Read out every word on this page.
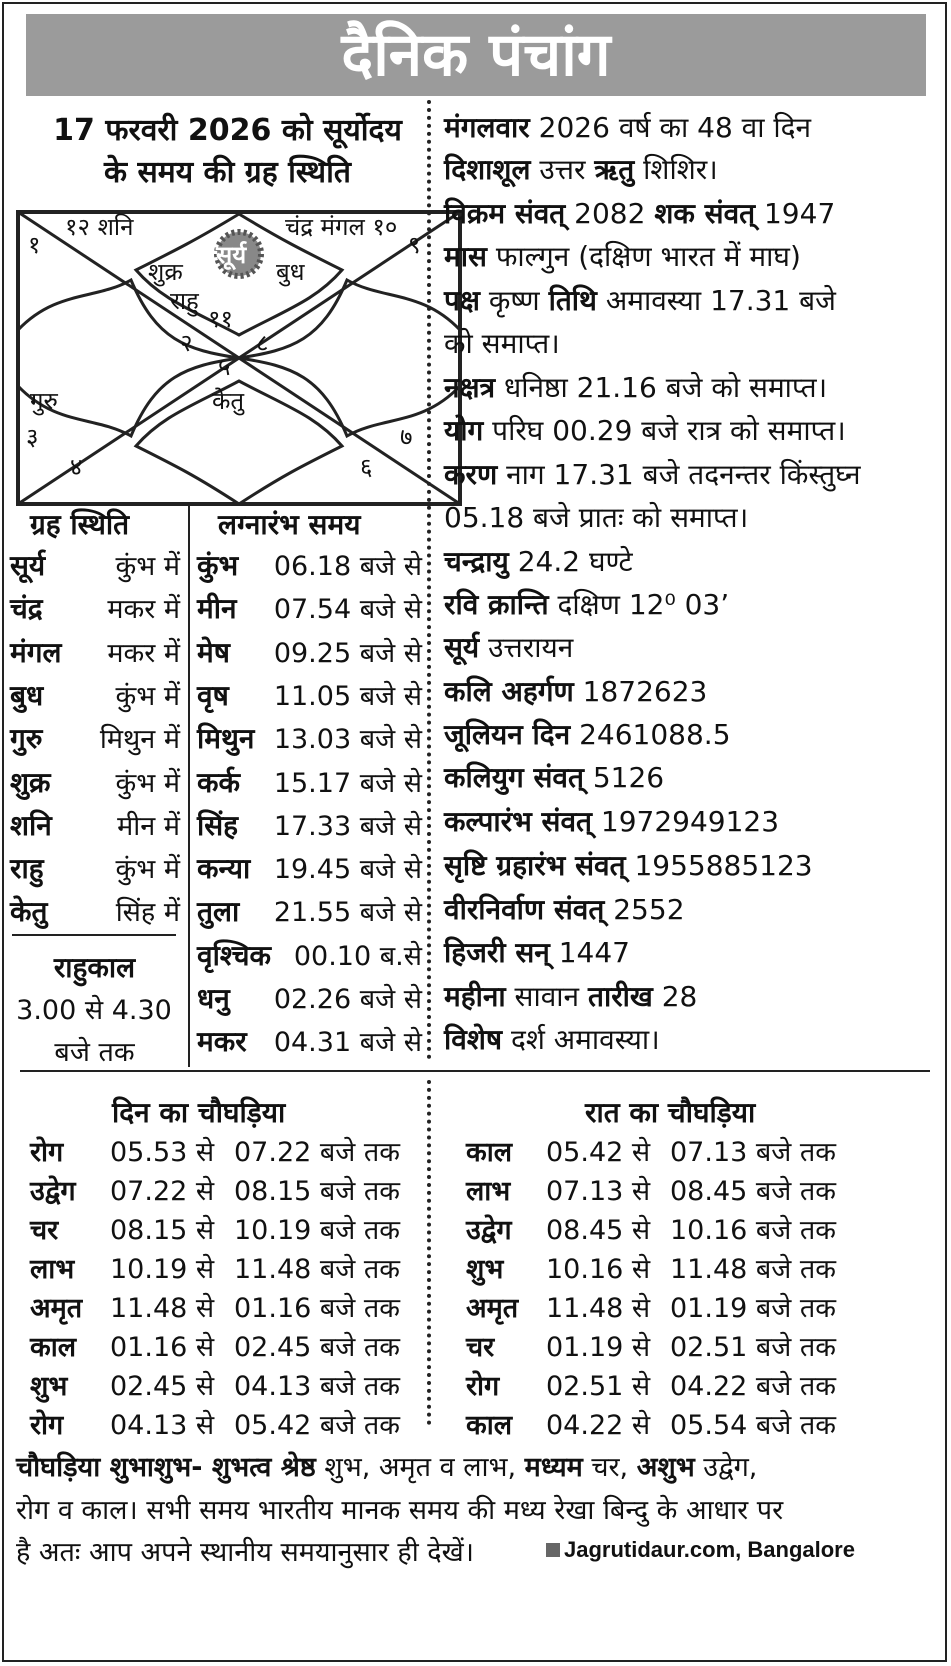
दैनिक पंचांग
17 फरवरी 2026 को सूर्योदय
के समय की ग्रह स्थिति
१२ शनि	चंद्र मंगल १०
१	९
सूर्य
शुक्र	बुध
राहु
११
२	८
५
केतु
गुरु
३
४	६
७
मंगलवार 2026 वर्ष का 48 वा दिन
दिशाशूल उत्तर ऋतु शिशिर।
विक्रम संवत् 2082 शक संवत् 1947
मास फाल्गुन (दक्षिण भारत में माघ)
पक्ष कृष्ण तिथि अमावस्या 17.31 बजे
को समाप्त।
नक्षत्र धनिष्ठा 21.16 बजे को समाप्त।
योग परिघ 00.29 बजे रात्र को समाप्त।
करण नाग 17.31 बजे तदनन्तर किंस्तुघ्न
05.18 बजे प्रातः को समाप्त।
चन्द्रायु 24.2 घण्टे
रवि क्रान्ति दक्षिण 12⁰ 03’
सूर्य उत्तरायन
कलि अहर्गण 1872623
जूलियन दिन 2461088.5
कलियुग संवत् 5126
कल्पारंभ संवत् 1972949123
सृष्टि ग्रहारंभ संवत् 1955885123
वीरनिर्वाण संवत् 2552
हिजरी सन् 1447
महीना सावान तारीख 28
विशेष दर्श अमावस्या।
ग्रह स्थिति
सूर्य	कुंभ में
चंद्र	मकर में
मंगल	मकर में
बुध	कुंभ में
गुरु	मिथुन में
शुक्र	कुंभ में
शनि	मीन में
राहु	कुंभ में
केतु	सिंह में
राहुकाल
3.00 से 4.30
बजे तक
लग्नारंभ समय
कुंभ	06.18 बजे से
मीन	07.54 बजे से
मेष	09.25 बजे से
वृष	11.05 बजे से
मिथुन 13.03 बजे से
कर्क	15.17 बजे से
सिंह	17.33 बजे से
कन्या 19.45 बजे से
तुला	21.55 बजे से
वृश्चिक 00.10 ब.से
धनु	02.26 बजे से
मकर	04.31 बजे से
दिन का चौघड़िया	रात का चौघड़िया
रोग 05.53 से 07.22 बजे तक
उद्वेग 07.22 से 08.15 बजे तक
चर 08.15 से 10.19 बजे तक
लाभ 10.19 से 11.48 बजे तक
अमृत 11.48 से 01.16 बजे तक
काल 01.16 से 02.45 बजे तक
शुभ 02.45 से 04.13 बजे तक
रोग 04.13 से 05.42 बजे तक
काल 05.42 से 07.13 बजे तक
लाभ 07.13 से 08.45 बजे तक
उद्वेग 08.45 से 10.16 बजे तक
शुभ 10.16 से 11.48 बजे तक
अमृत 11.48 से 01.19 बजे तक
चर 01.19 से 02.51 बजे तक
रोग 02.51 से 04.22 बजे तक
काल 04.22 से 05.54 बजे तक
चौघड़िया शुभाशुभ- शुभत्व श्रेष्ठ शुभ, अमृत व लाभ, मध्यम चर, अशुभ उद्वेग,
रोग व काल। सभी समय भारतीय मानक समय की मध्य रेखा बिन्दु के आधार पर
है अतः आप अपने स्थानीय समयानुसार ही देखें।	Jagrutidaur.com, Bangalore
